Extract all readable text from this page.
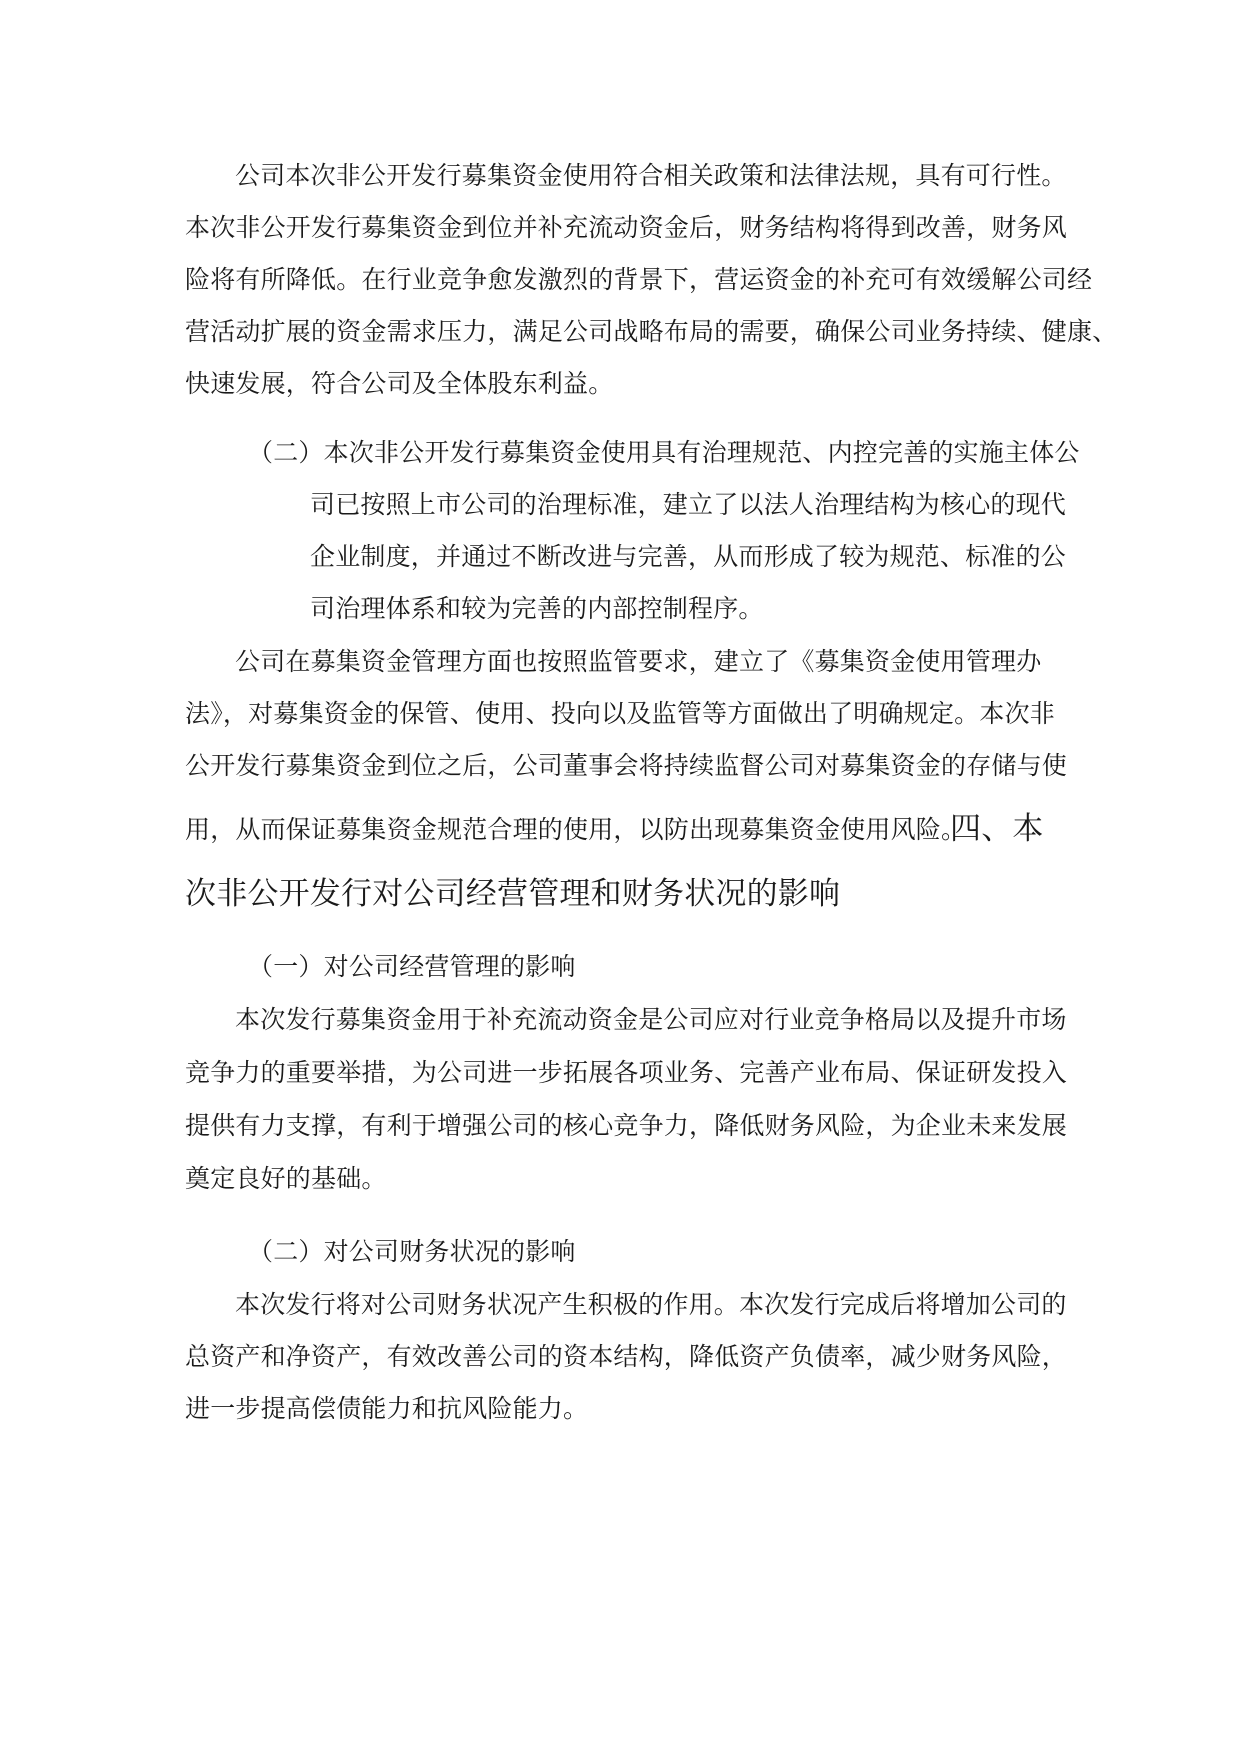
公司本次非公开发行募集资金使用符合相关政策和法律法规，具有可行性。
本次非公开发行募集资金到位并补充流动资金后，财务结构将得到改善，财务风
险将有所降低。在行业竞争愈发激烈的背景下，营运资金的补充可有效缓解公司经
营活动扩展的资金需求压力，满足公司战略布局的需要，确保公司业务持续、健康、
快速发展，符合公司及全体股东利益。
（二）本次非公开发行募集资金使用具有治理规范、内控完善的实施主体公
司已按照上市公司的治理标准，建立了以法人治理结构为核心的现代
企业制度，并通过不断改进与完善，从而形成了较为规范、标准的公
司治理体系和较为完善的内部控制程序。
公司在募集资金管理方面也按照监管要求，建立了《募集资金使用管理办
法》，对募集资金的保管、使用、投向以及监管等方面做出了明确规定。本次非
公开发行募集资金到位之后，公司董事会将持续监督公司对募集资金的存储与使
用，从而保证募集资金规范合理的使用，以防出现募集资金使用风险。
四、本
次非公开发行对公司经营管理和财务状况的影响
（一）对公司经营管理的影响
本次发行募集资金用于补充流动资金是公司应对行业竞争格局以及提升市场
竞争力的重要举措，为公司进一步拓展各项业务、完善产业布局、保证研发投入
提供有力支撑，有利于增强公司的核心竞争力，降低财务风险，为企业未来发展
奠定良好的基础。
（二）对公司财务状况的影响
本次发行将对公司财务状况产生积极的作用。本次发行完成后将增加公司的
总资产和净资产，有效改善公司的资本结构，降低资产负债率，减少财务风险，
进一步提高偿债能力和抗风险能力。
